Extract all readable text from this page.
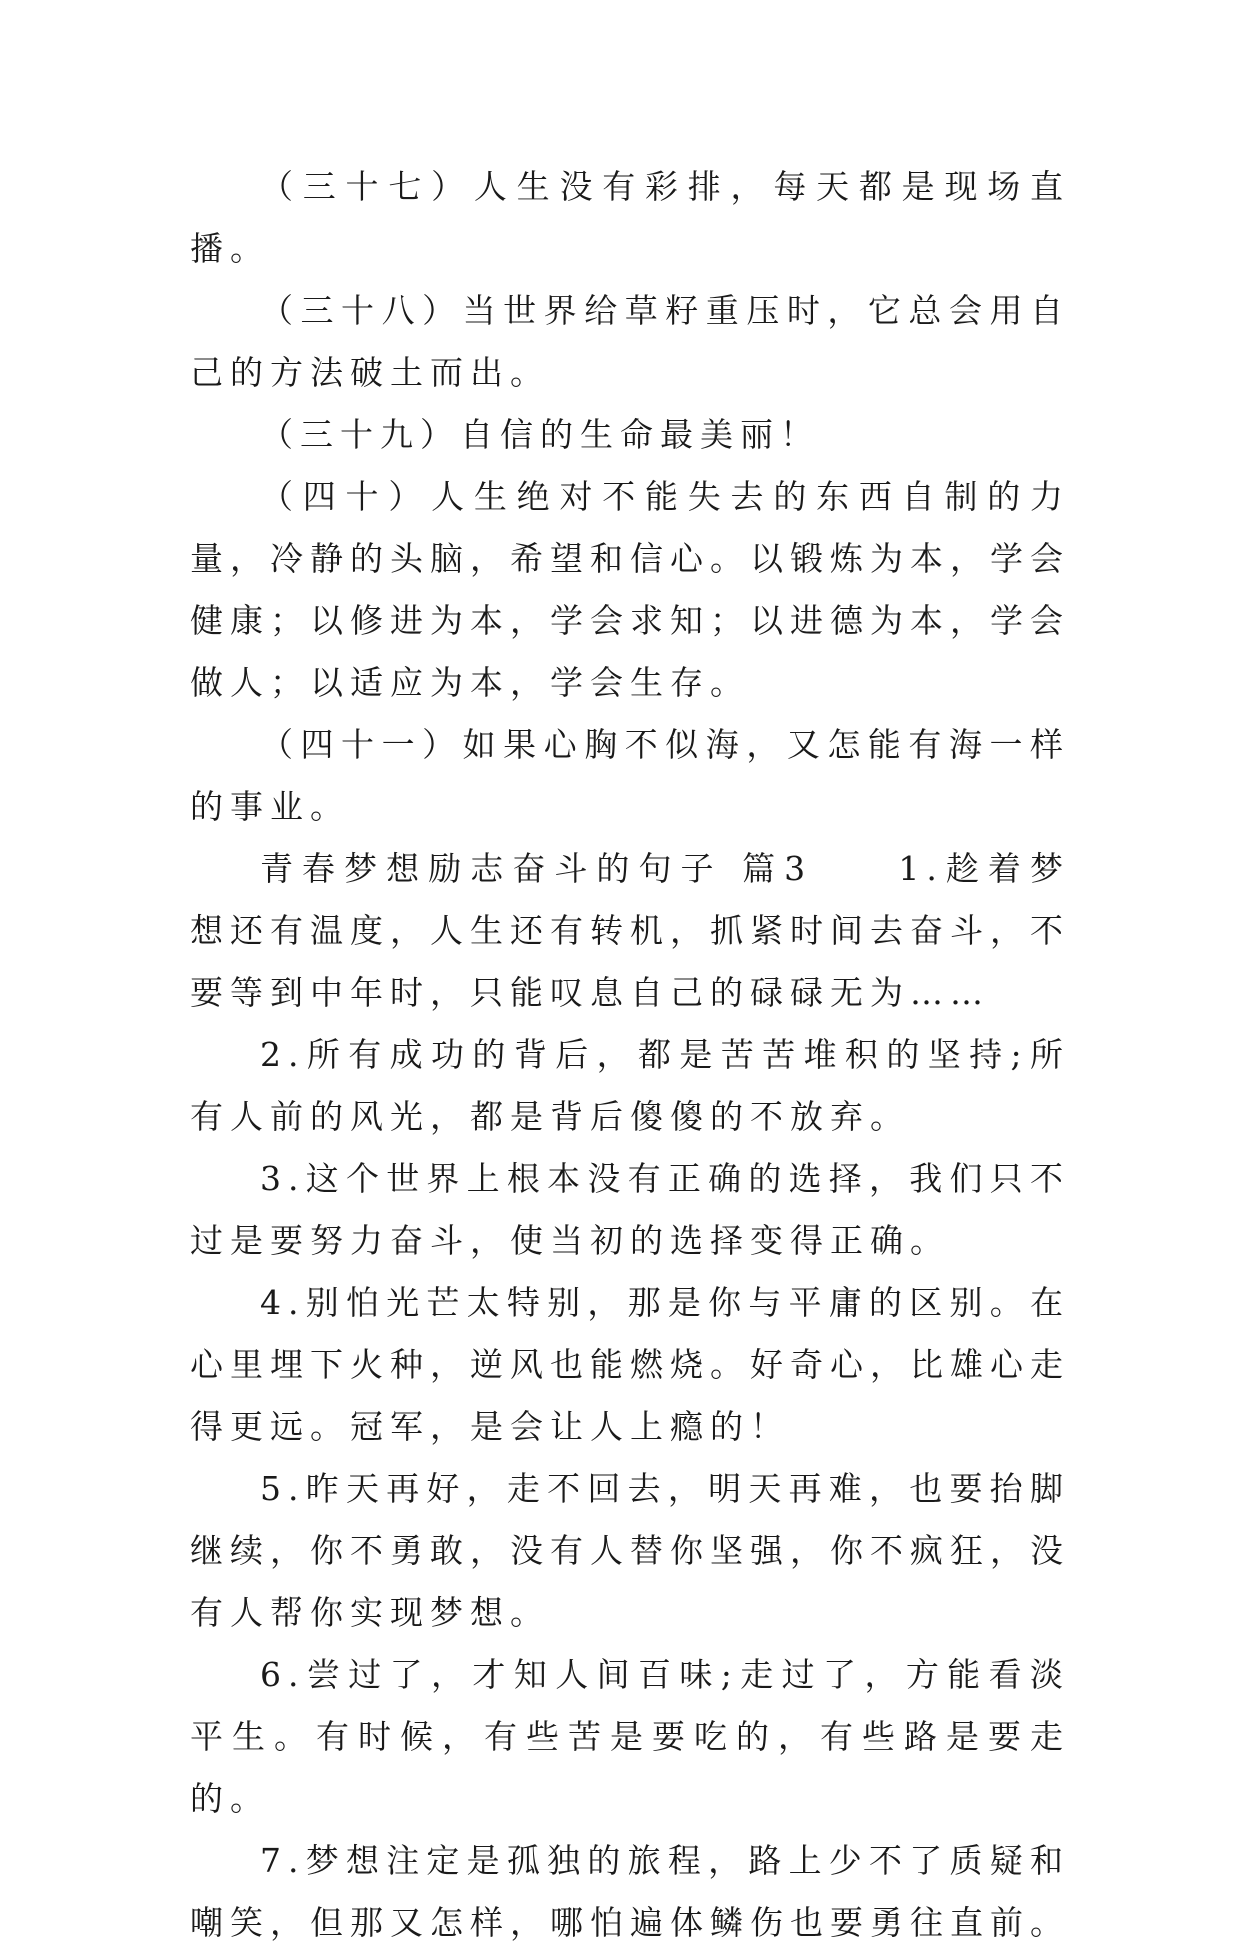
（三十七）人生没有彩排，每天都是现场直播。

（三十八）当世界给草籽重压时，它总会用自己的方法破土而出。

（三十九）自信的生命最美丽！

（四十）人生绝对不能失去的东西自制的力量，冷静的头脑，希望和信心。以锻炼为本，学会健康；以修进为本，学会求知；以进德为本，学会做人；以适应为本，学会生存。

（四十一）如果心胸不似海，又怎能有海一样的事业。

青春梦想励志奋斗的句子 篇3　　1.趁着梦想还有温度，人生还有转机，抓紧时间去奋斗，不要等到中年时，只能叹息自己的碌碌无为……

2.所有成功的背后，都是苦苦堆积的坚持;所有人前的风光，都是背后傻傻的不放弃。

3.这个世界上根本没有正确的选择，我们只不过是要努力奋斗，使当初的选择变得正确。

4.别怕光芒太特别，那是你与平庸的区别。在心里埋下火种，逆风也能燃烧。好奇心，比雄心走得更远。冠军，是会让人上瘾的！

5.昨天再好，走不回去，明天再难，也要抬脚继续，你不勇敢，没有人替你坚强，你不疯狂，没有人帮你实现梦想。

6.尝过了，才知人间百味;走过了，方能看淡平生。有时候，有些苦是要吃的，有些路是要走的。

7.梦想注定是孤独的旅程，路上少不了质疑和嘲笑，但那又怎样，哪怕遍体鳞伤也要勇往直前。
